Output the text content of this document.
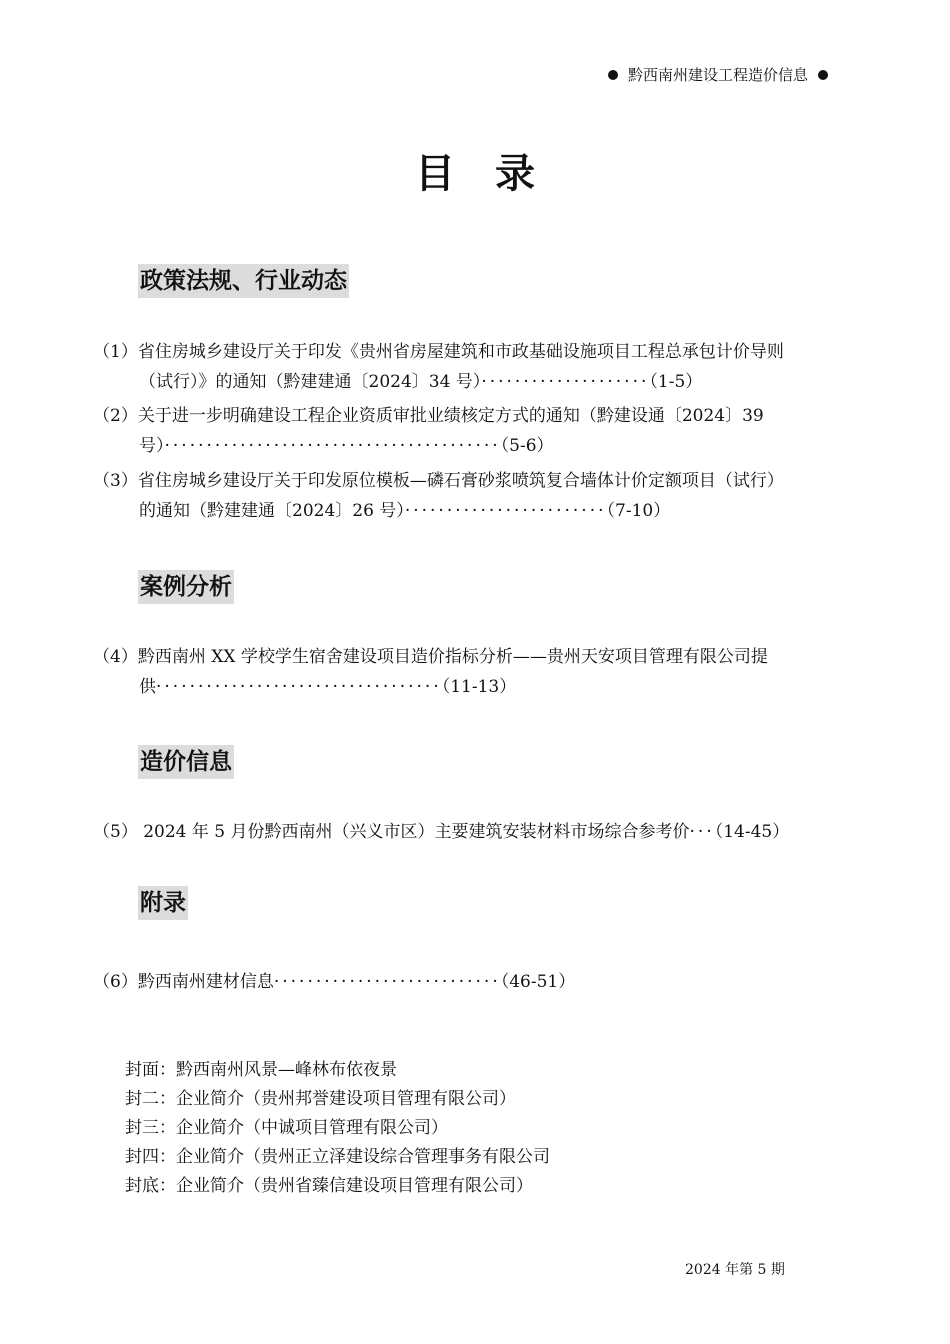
黔西南州建设工程造价信息
目录
政策法规、行业动态
（1）省住房城乡建设厅关于印发《贵州省房屋建筑和市政基础设施项目工程总承包计价导则
（试行）》的通知（黔建建通〔2024〕34 号）····················（1-5）
（2）关于进一步明确建设工程企业资质审批业绩核定方式的通知（黔建设通〔2024〕39
号）········································（5-6）
（3）省住房城乡建设厅关于印发原位模板—磷石膏砂浆喷筑复合墙体计价定额项目（试行）
的通知（黔建建通〔2024〕26 号）························（7-10）
案例分析
（4）黔西南州 XX 学校学生宿舍建设项目造价指标分析——贵州天安项目管理有限公司提
供··································（11-13）
造价信息
（5） 2024 年 5 月份黔西南州（兴义市区）主要建筑安装材料市场综合参考价···（14-45）
附录
（6）黔西南州建材信息···························（46-51）
封面：黔西南州风景—峰林布依夜景
封二：企业简介（贵州邦誉建设项目管理有限公司）
封三：企业简介（中诚项目管理有限公司）
封四：企业简介（贵州正立泽建设综合管理事务有限公司
封底：企业简介（贵州省臻信建设项目管理有限公司）
2024 年第 5 期
